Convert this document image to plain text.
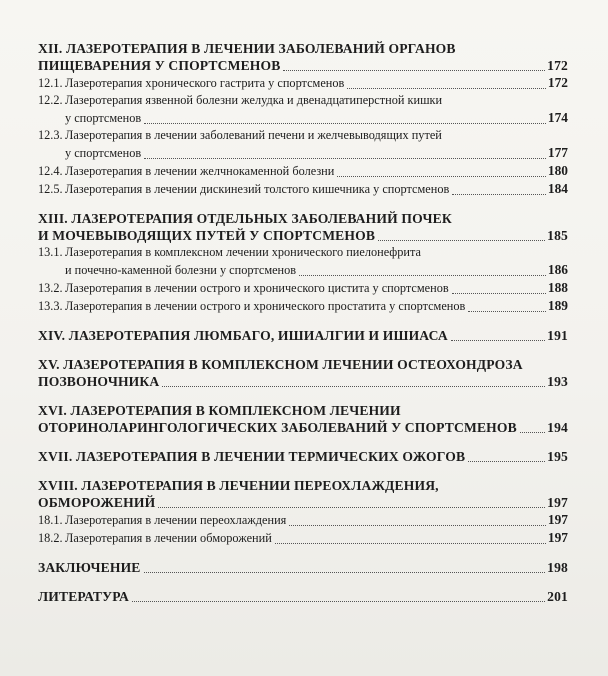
XII. ЛАЗЕРОТЕРАПИЯ В ЛЕЧЕНИИ ЗАБОЛЕВАНИЙ ОРГАНОВ
ПИЩЕВАРЕНИЯ У СПОРТСМЕНОВ	172
12.1. Лазеротерапия хронического гастрита у спортсменов	172
12.2. Лазеротерапия язвенной болезни желудка и двенадцатиперстной кишки
у спортсменов	174
12.3. Лазеротерапия в лечении заболеваний печени и желчевыводящих путей
у спортсменов	177
12.4. Лазеротерапия в лечении желчнокаменной болезни	180
12.5. Лазеротерапия в лечении дискинезий толстого кишечника у спортсменов	184
XIII. ЛАЗЕРОТЕРАПИЯ ОТДЕЛЬНЫХ ЗАБОЛЕВАНИЙ ПОЧЕК
И МОЧЕВЫВОДЯЩИХ ПУТЕЙ У СПОРТСМЕНОВ	185
13.1. Лазеротерапия в комплексном лечении хронического пиелонефрита
и почечно-каменной болезни у спортсменов	186
13.2. Лазеротерапия в лечении острого и хронического цистита у спортсменов	188
13.3. Лазеротерапия в лечении острого и хронического простатита у спортсменов	189
XIV. ЛАЗЕРОТЕРАПИЯ ЛЮМБАГО, ИШИАЛГИИ И ИШИАСА	191
XV. ЛАЗЕРОТЕРАПИЯ В КОМПЛЕКСНОМ ЛЕЧЕНИИ ОСТЕОХОНДРОЗА
ПОЗВОНОЧНИКА	193
XVI. ЛАЗЕРОТЕРАПИЯ В КОМПЛЕКСНОМ ЛЕЧЕНИИ
ОТОРИНОЛАРИНГОЛОГИЧЕСКИХ ЗАБОЛЕВАНИЙ У СПОРТСМЕНОВ 194
XVII. ЛАЗЕРОТЕРАПИЯ В ЛЕЧЕНИИ ТЕРМИЧЕСКИХ ОЖОГОВ	195
XVIII. ЛАЗЕРОТЕРАПИЯ В ЛЕЧЕНИИ ПЕРЕОХЛАЖДЕНИЯ,
ОБМОРОЖЕНИЙ	197
18.1. Лазеротерапия в лечении переохлаждения	197
18.2. Лазеротерапия в лечении обморожений	197
ЗАКЛЮЧЕНИЕ	198
ЛИТЕРАТУРА	201
